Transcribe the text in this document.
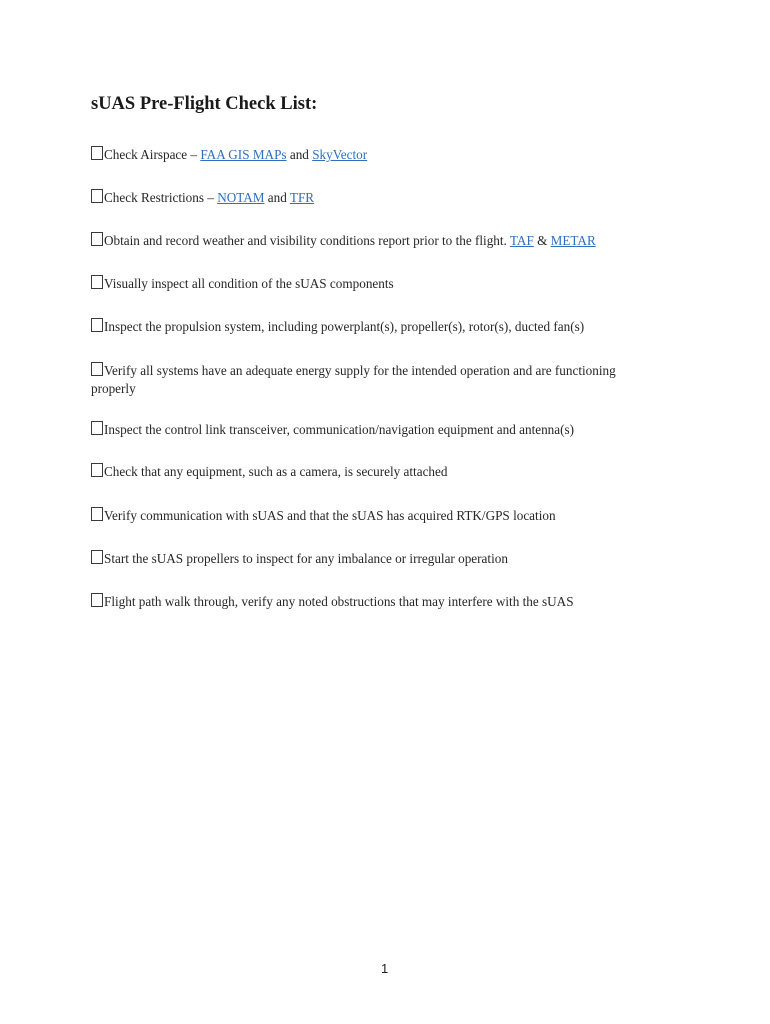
sUAS Pre-Flight Check List:
Check Airspace – FAA GIS MAPs and SkyVector
Check Restrictions – NOTAM and TFR
Obtain and record weather and visibility conditions report prior to the flight. TAF & METAR
Visually inspect all condition of the sUAS components
Inspect the propulsion system, including powerplant(s), propeller(s), rotor(s), ducted fan(s)
Verify all systems have an adequate energy supply for the intended operation and are functioning properly
Inspect the control link transceiver, communication/navigation equipment and antenna(s)
Check that any equipment, such as a camera, is securely attached
Verify communication with sUAS and that the sUAS has acquired RTK/GPS location
Start the sUAS propellers to inspect for any imbalance or irregular operation
Flight path walk through, verify any noted obstructions that may interfere with the sUAS
1
